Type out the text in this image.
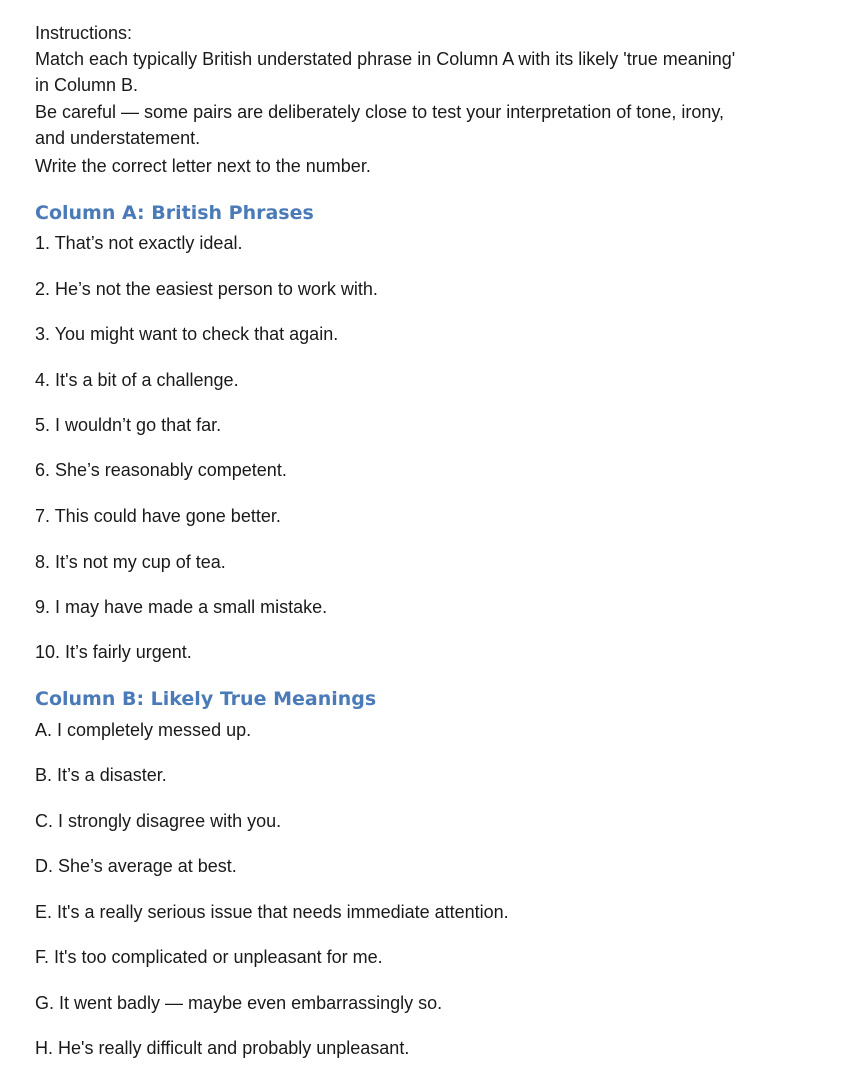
Instructions:

Match each typically British understated phrase in Column A with its likely 'true meaning'

in Column B.

Be careful — some pairs are deliberately close to test your interpretation of tone, irony,

and understatement.

Write the correct letter next to the number.

Column A: British Phrases

1. That’s not exactly ideal.

2. He’s not the easiest person to work with.

3. You might want to check that again.

4. It's a bit of a challenge.

5. I wouldn’t go that far.

6. She’s reasonably competent.

7. This could have gone better.

8. It’s not my cup of tea.

9. I may have made a small mistake.

10. It’s fairly urgent.

Column B: Likely True Meanings

A. I completely messed up.

B. It’s a disaster.

C. I strongly disagree with you.

D. She’s average at best.

E. It's a really serious issue that needs immediate attention.

F. It's too complicated or unpleasant for me.

G. It went badly — maybe even embarrassingly so.

H. He's really difficult and probably unpleasant.
